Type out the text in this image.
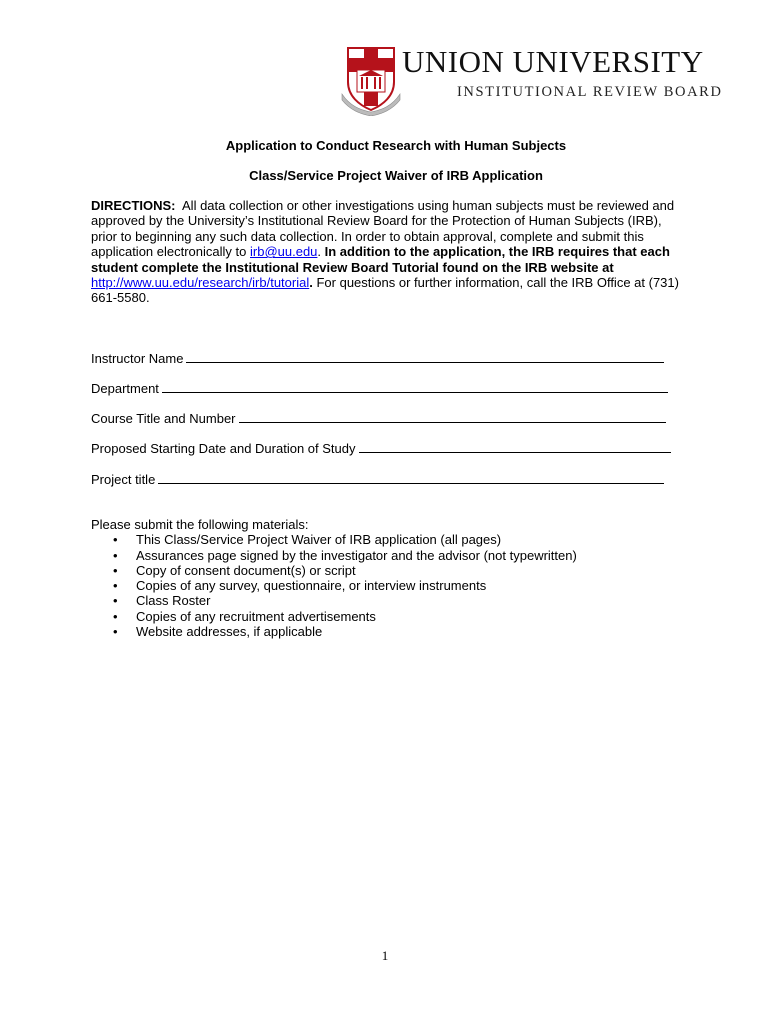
UNION UNIVERSITY
INSTITUTIONAL REVIEW BOARD
Application to Conduct Research with Human Subjects
Class/Service Project Waiver of IRB Application
DIRECTIONS: All data collection or other investigations using human subjects must be reviewed and approved by the University’s Institutional Review Board for the Protection of Human Subjects (IRB), prior to beginning any such data collection. In order to obtain approval, complete and submit this application electronically to irb@uu.edu. In addition to the application, the IRB requires that each student complete the Institutional Review Board Tutorial found on the IRB website at http://www.uu.edu/research/irb/tutorial. For questions or further information, call the IRB Office at (731) 661-5580.
Instructor Name
Department
Course Title and Number
Proposed Starting Date and Duration of Study
Project title
Please submit the following materials:
• This Class/Service Project Waiver of IRB application (all pages)
• Assurances page signed by the investigator and the advisor (not typewritten)
• Copy of consent document(s) or script
• Copies of any survey, questionnaire, or interview instruments
• Class Roster
• Copies of any recruitment advertisements
• Website addresses, if applicable
1
